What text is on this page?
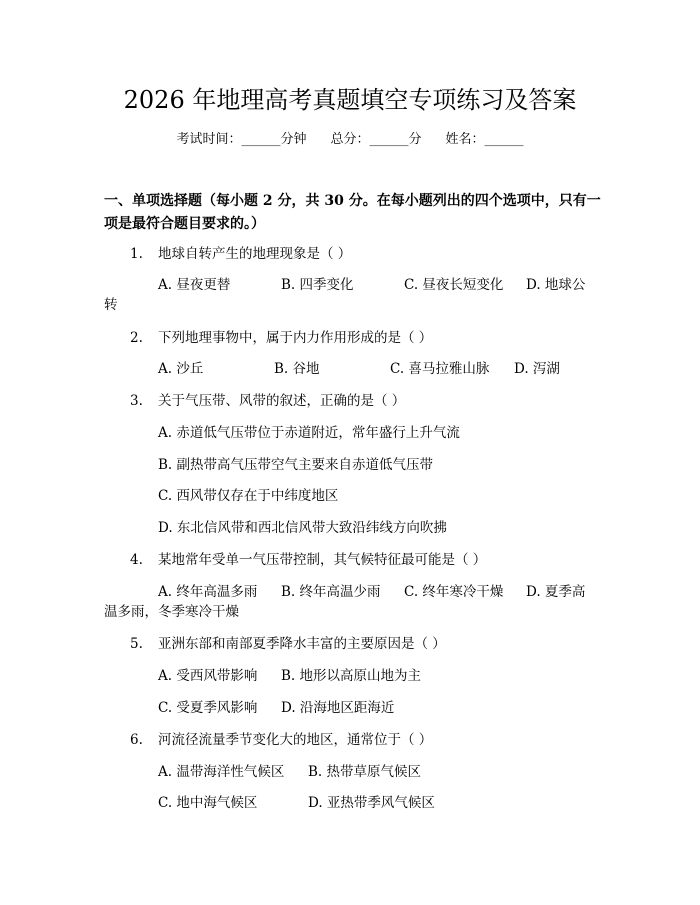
2026 年地理高考真题填空专项练习及答案
考试时间：______分钟 总分：______分 姓名：______
一、单项选择题（每小题 2 分，共 30 分。在每小题列出的四个选项中，只有一项是最符合题目要求的。）
1. 地球自转产生的地理现象是（ ）
A. 昼夜更替	B. 四季变化	C. 昼夜长短变化 D. 地球公
转
2. 下列地理事物中，属于内力作用形成的是（ ）
A. 沙丘	B. 谷地	C. 喜马拉雅山脉 D. 泻湖
3. 关于气压带、风带的叙述，正确的是（ ）
A. 赤道低气压带位于赤道附近，常年盛行上升气流
B. 副热带高气压带空气主要来自赤道低气压带
C. 西风带仅存在于中纬度地区
D. 东北信风带和西北信风带大致沿纬线方向吹拂
4. 某地常年受单一气压带控制，其气候特征最可能是（ ）
A. 终年高温多雨 B. 终年高温少雨 C. 终年寒冷干燥 D. 夏季高
温多雨，冬季寒冷干燥
5. 亚洲东部和南部夏季降水丰富的主要原因是（ ）
A. 受西风带影响 B. 地形以高原山地为主
C. 受夏季风影响 D. 沿海地区距海近
6. 河流径流量季节变化大的地区，通常位于（ ）
A. 温带海洋性气候区 B. 热带草原气候区
C. 地中海气候区	D. 亚热带季风气候区
